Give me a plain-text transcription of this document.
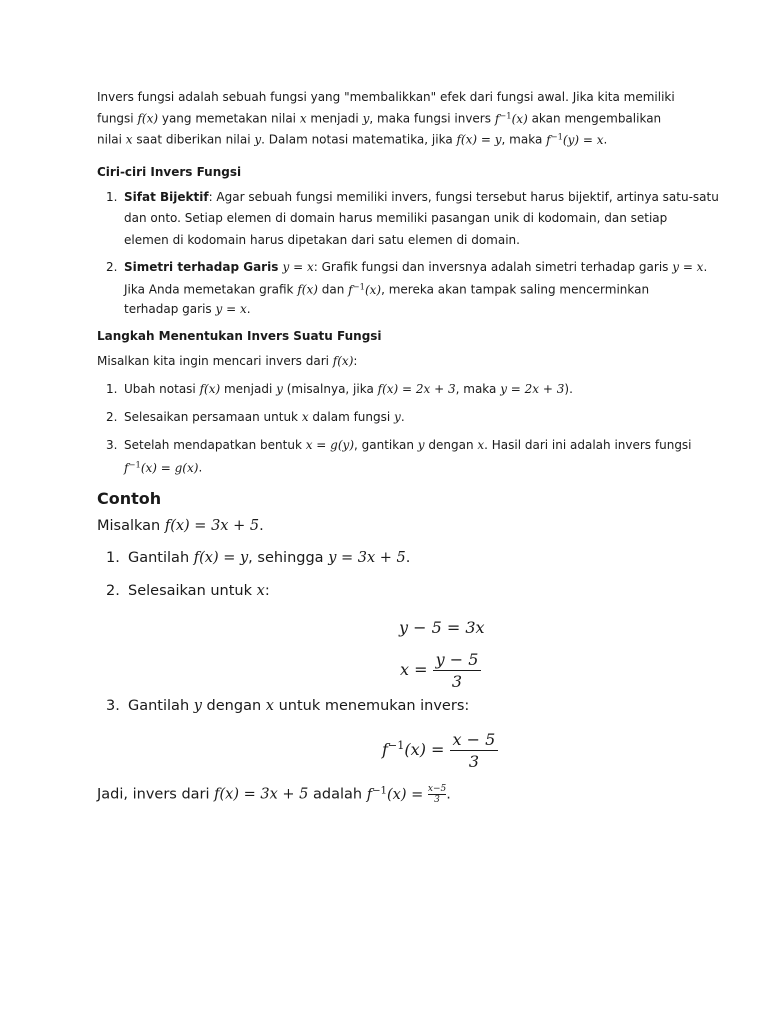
Invers fungsi adalah sebuah fungsi yang "membalikkan" efek dari fungsi awal. Jika kita memiliki
fungsi f(x) yang memetakan nilai x menjadi y, maka fungsi invers $f^{-1}(x)$ akan mengembalikan
nilai x saat diberikan nilai y. Dalam notasi matematika, jika f(x) = y, maka $f^{-1}(y) = x$.
Ciri-ciri Invers Fungsi
1. Sifat Bijektif: Agar sebuah fungsi memiliki invers, fungsi tersebut harus bijektif, artinya satu-satu
dan onto. Setiap elemen di domain harus memiliki pasangan unik di kodomain, dan setiap
elemen di kodomain harus dipetakan dari satu elemen di domain.
2. Simetri terhadap Garis y = x: Grafik fungsi dan inversnya adalah simetri terhadap garis y = x.
Jika Anda memetakan grafik f(x) dan $f^{-1}(x)$, mereka akan tampak saling mencerminkan
terhadap garis y = x.
Langkah Menentukan Invers Suatu Fungsi
Misalkan kita ingin mencari invers dari f(x):
1. Ubah notasi f(x) menjadi y (misalnya, jika f(x) = 2x + 3, maka y = 2x + 3).
2. Selesaikan persamaan untuk x dalam fungsi y.
3. Setelah mendapatkan bentuk x = g(y), gantikan y dengan x. Hasil dari ini adalah invers fungsi
$f^{-1}(x) = g(x)$.
Contoh
Misalkan f(x) = 3x + 5.
1. Gantilah f(x) = y, sehingga y = 3x + 5.
2. Selesaikan untuk x:
y − 5 = 3x
$x = \frac{y - 5}{3}$
3. Gantilah y dengan x untuk menemukan invers:
$f^{-1}(x) = \frac{x - 5}{3}$
Jadi, invers dari f(x) = 3x + 5 adalah $f^{-1}(x) = \frac{x-5}{3}$ .
